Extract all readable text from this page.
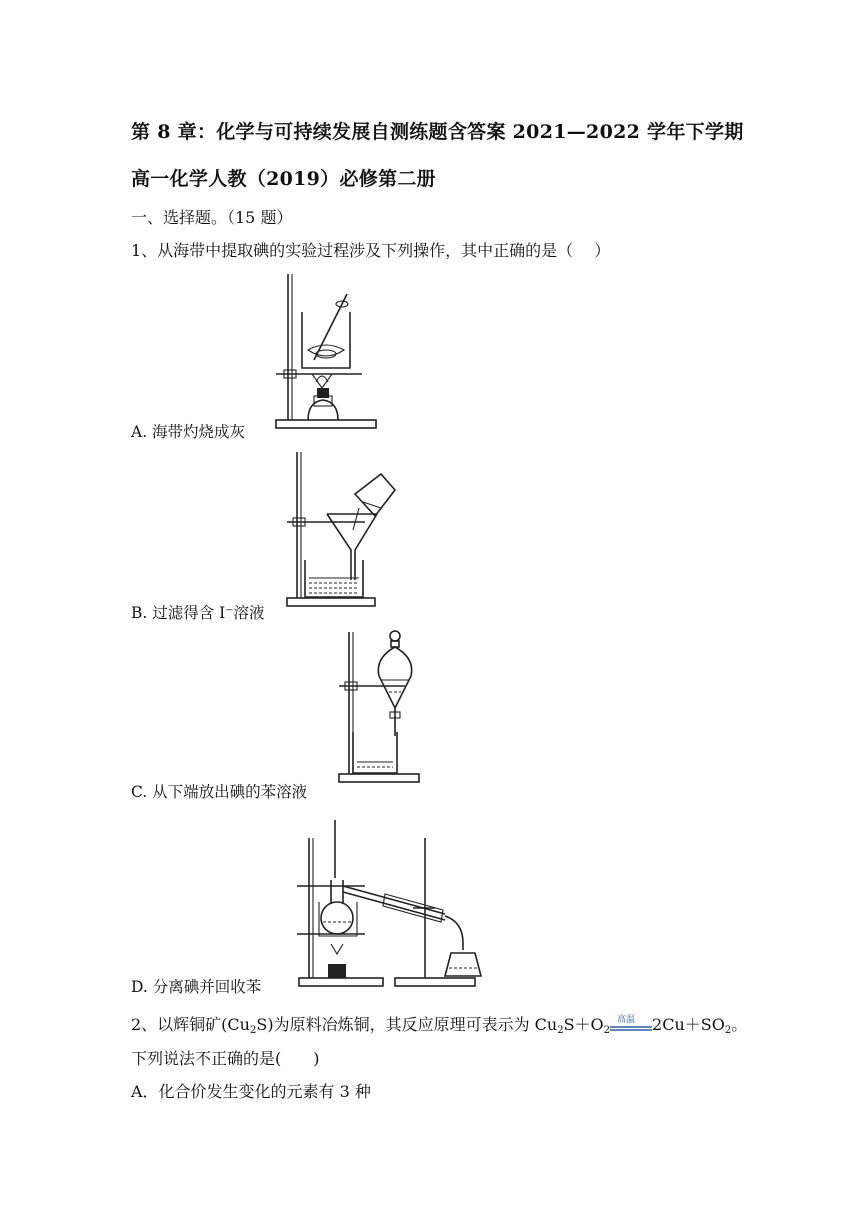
第 8 章：化学与可持续发展自测练题含答案 2021—2022 学年下学期
高一化学人教（2019）必修第二册
一、选择题。（15 题）
1、从海带中提取碘的实验过程涉及下列操作，其中正确的是（　 ）
A. 海带灼烧成灰
B. 过滤得含 I⁻溶液
C. 从下端放出碘的苯溶液
D. 分离碘并回收苯
2、以辉铜矿$(Cu_2S)$为原料冶炼铜，其反应原理可表示为 $Cu_2S+O_2$
高温 $2Cu+SO_2$。
下列说法不正确的是(　　)
A．化合价发生变化的元素有 3 种
